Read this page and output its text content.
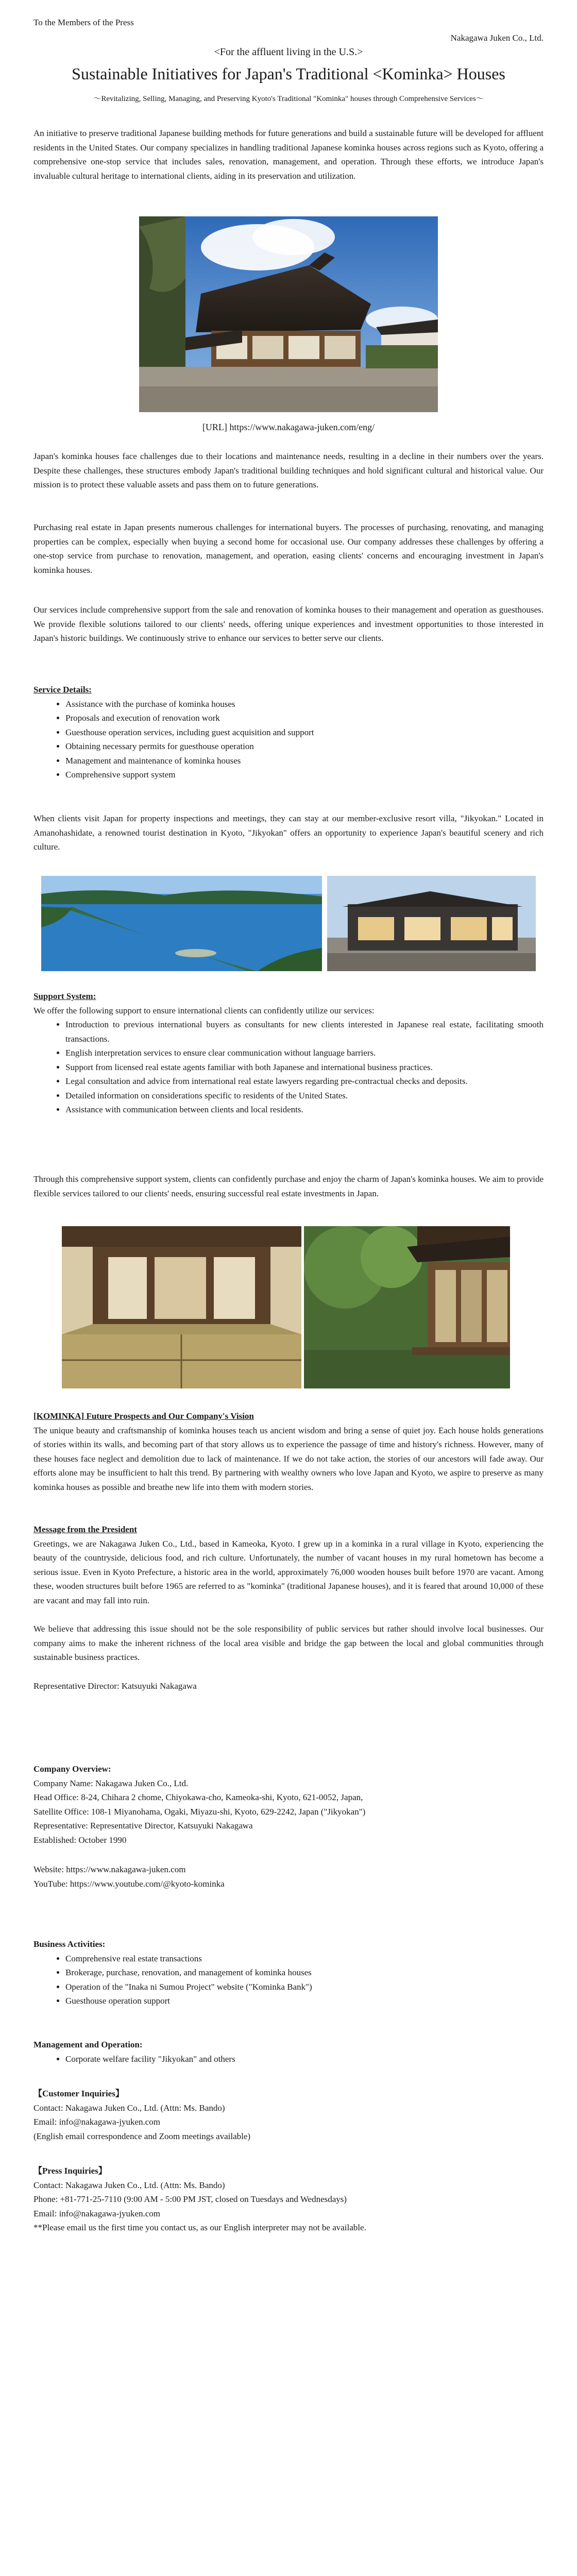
To the Members of the Press

Nakagawa Juken Co., Ltd.

<For the affluent living in the U.S.>

Sustainable Initiatives for Japan's Traditional <Kominka> Houses

〜Revitalizing, Selling, Managing, and Preserving Kyoto's Traditional "Kominka" houses through Comprehensive Services〜

An initiative to preserve traditional Japanese building methods for future generations and build a sustainable future will be developed for affluent residents in the United States. Our company specializes in handling traditional Japanese kominka houses across regions such as Kyoto, offering a comprehensive one-stop service that includes sales, renovation, management, and operation. Through these efforts, we introduce Japan's invaluable cultural heritage to international clients, aiding in its preservation and utilization.

[URL] https://www.nakagawa-juken.com/eng/

Japan's kominka houses face challenges due to their locations and maintenance needs, resulting in a decline in their numbers over the years. Despite these challenges, these structures embody Japan's traditional building techniques and hold significant cultural and historical value. Our mission is to protect these valuable assets and pass them on to future generations.

Purchasing real estate in Japan presents numerous challenges for international buyers. The processes of purchasing, renovating, and managing properties can be complex, especially when buying a second home for occasional use. Our company addresses these challenges by offering a one-stop service from purchase to renovation, management, and operation, easing clients' concerns and encouraging investment in Japan's kominka houses.

Our services include comprehensive support from the sale and renovation of kominka houses to their management and operation as guesthouses. We provide flexible solutions tailored to our clients' needs, offering unique experiences and investment opportunities to those interested in Japan's historic buildings. We continuously strive to enhance our services to better serve our clients.

Service Details:

• Assistance with the purchase of kominka houses
• Proposals and execution of renovation work
• Guesthouse operation services, including guest acquisition and support
• Obtaining necessary permits for guesthouse operation
• Management and maintenance of kominka houses
• Comprehensive support system

When clients visit Japan for property inspections and meetings, they can stay at our member-exclusive resort villa, "Jikyokan." Located in Amanohashidate, a renowned tourist destination in Kyoto, "Jikyokan" offers an opportunity to experience Japan's beautiful scenery and rich culture.

Support System:

We offer the following support to ensure international clients can confidently utilize our services:

• Introduction to previous international buyers as consultants for new clients interested in Japanese real estate, facilitating smooth transactions.
• English interpretation services to ensure clear communication without language barriers.
• Support from licensed real estate agents familiar with both Japanese and international business practices.
• Legal consultation and advice from international real estate lawyers regarding pre-contractual checks and deposits.
• Detailed information on considerations specific to residents of the United States.
• Assistance with communication between clients and local residents.

Through this comprehensive support system, clients can confidently purchase and enjoy the charm of Japan's kominka houses. We aim to provide flexible services tailored to our clients' needs, ensuring successful real estate investments in Japan.

[KOMINKA] Future Prospects and Our Company's Vision

The unique beauty and craftsmanship of kominka houses teach us ancient wisdom and bring a sense of quiet joy. Each house holds generations of stories within its walls, and becoming part of that story allows us to experience the passage of time and history's richness. However, many of these houses face neglect and demolition due to lack of maintenance. If we do not take action, the stories of our ancestors will fade away. Our efforts alone may be insufficient to halt this trend. By partnering with wealthy owners who love Japan and Kyoto, we aspire to preserve as many kominka houses as possible and breathe new life into them with modern stories.

Message from the President

Greetings, we are Nakagawa Juken Co., Ltd., based in Kameoka, Kyoto. I grew up in a kominka in a rural village in Kyoto, experiencing the beauty of the countryside, delicious food, and rich culture. Unfortunately, the number of vacant houses in my rural hometown has become a serious issue. Even in Kyoto Prefecture, a historic area in the world, approximately 76,000 wooden houses built before 1970 are vacant. Among these, wooden structures built before 1965 are referred to as "kominka" (traditional Japanese houses), and it is feared that around 10,000 of these are vacant and may fall into ruin.

We believe that addressing this issue should not be the sole responsibility of public services but rather should involve local businesses. Our company aims to make the inherent richness of the local area visible and bridge the gap between the local and global communities through sustainable business practices.

Representative Director: Katsuyuki Nakagawa

Company Overview:

Company Name: Nakagawa Juken Co., Ltd.

Head Office: 8-24, Chihara 2 chome, Chiyokawa-cho, Kameoka-shi, Kyoto, 621-0052, Japan,

Satellite Office: 108-1 Miyanohama, Ogaki, Miyazu-shi, Kyoto, 629-2242, Japan ("Jikyokan")

Representative: Representative Director, Katsuyuki Nakagawa

Established: October 1990

Website: https://www.nakagawa-juken.com

YouTube: https://www.youtube.com/@kyoto-kominka

Business Activities:

• Comprehensive real estate transactions
• Brokerage, purchase, renovation, and management of kominka houses
• Operation of the "Inaka ni Sumou Project" website ("Kominka Bank")
• Guesthouse operation support

Management and Operation:

• Corporate welfare facility "Jikyokan" and others

【Customer Inquiries】

Contact: Nakagawa Juken Co., Ltd. (Attn: Ms. Bando)

Email: info@nakagawa-jyuken.com

(English email correspondence and Zoom meetings available)

【Press Inquiries】

Contact: Nakagawa Juken Co., Ltd. (Attn: Ms. Bando)

Phone: +81-771-25-7110 (9:00 AM - 5:00 PM JST, closed on Tuesdays and Wednesdays)

Email: info@nakagawa-jyuken.com

**Please email us the first time you contact us, as our English interpreter may not be available.
